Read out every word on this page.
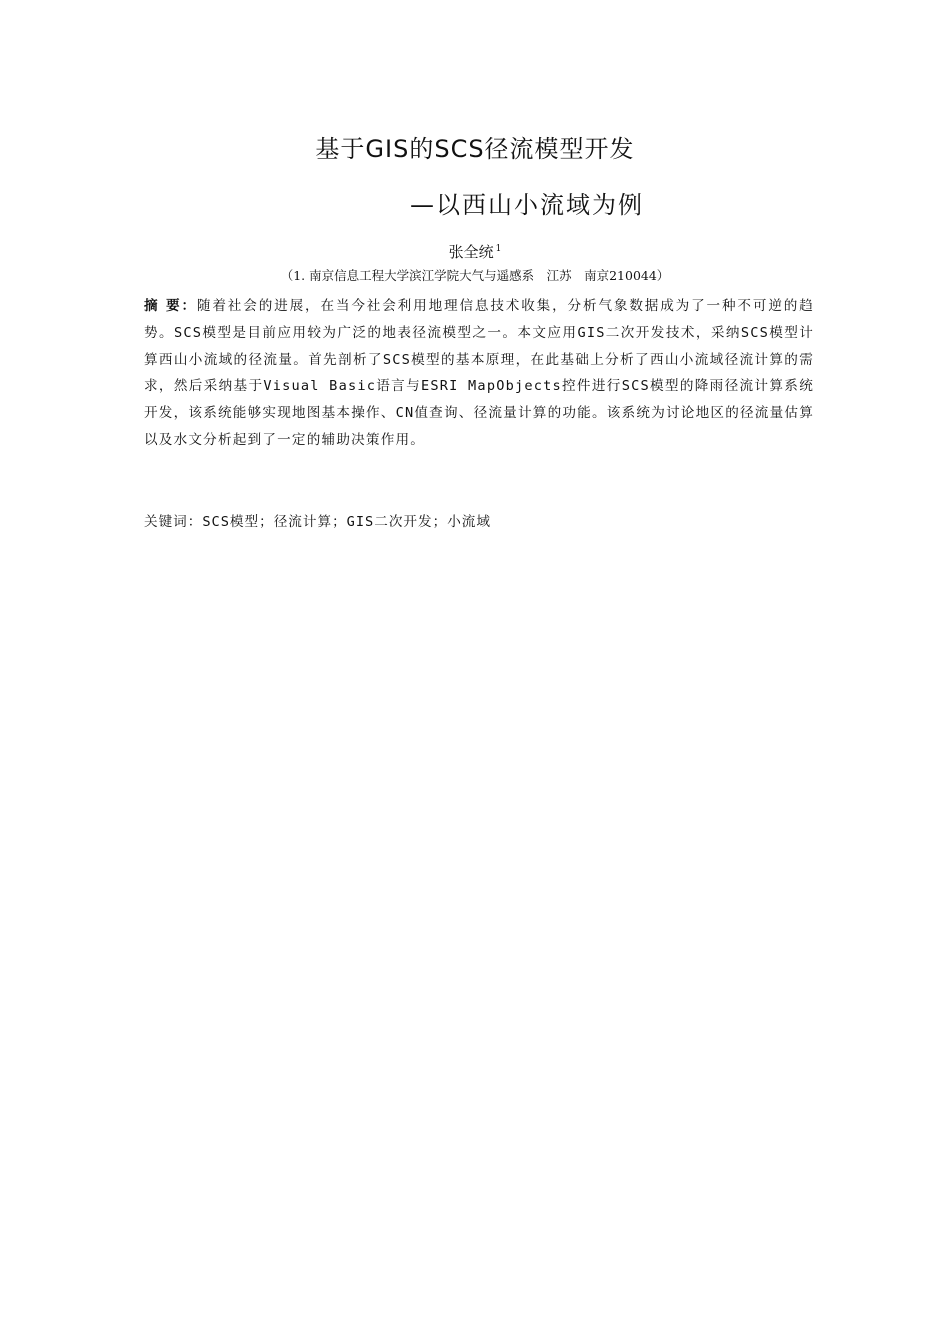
基于GIS的SCS径流模型开发
—以西山小流域为例
张全统 $^1$
（1. 南京信息工程大学滨江学院大气与遥感系　江苏　南京210044）

摘 要：随着社会的进展，在当今社会利用地理信息技术收集，分析气象数据成为了一种不可逆的趋势。SCS模型是目前应用较为广泛的地表径流模型之一。本文应用GIS二次开发技术，采纳SCS模型计算西山小流域的径流量。首先剖析了SCS模型的基本原理，在此基础上分析了西山小流域径流计算的需求，然后采纳基于Visual Basic语言与ESRI MapObjects控件进行SCS模型的降雨径流计算系统开发，该系统能够实现地图基本操作、CN值查询、径流量计算的功能。该系统为讨论地区的径流量估算以及水文分析起到了一定的辅助决策作用。

关键词：SCS模型；径流计算；GIS二次开发；小流域
